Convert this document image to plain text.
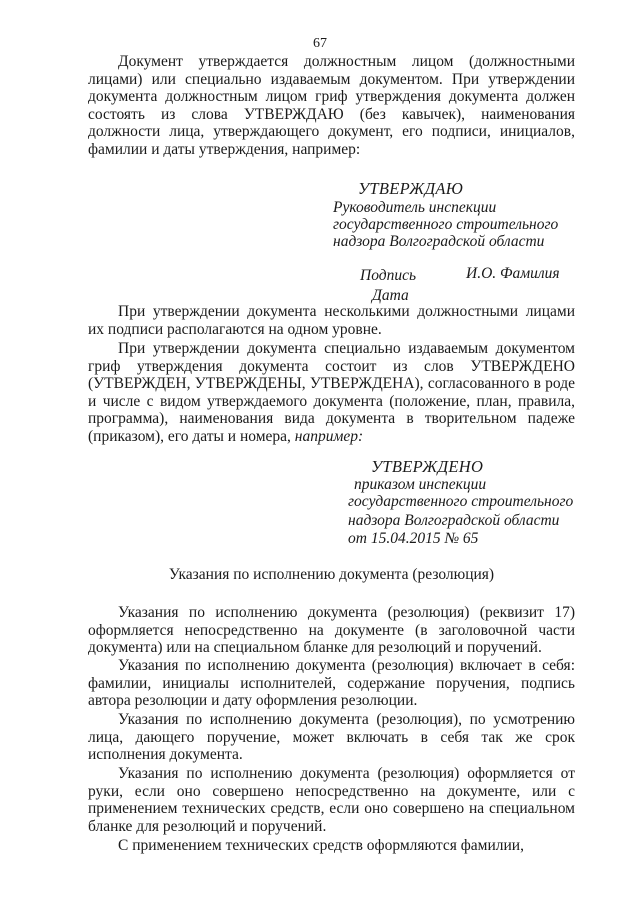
67
Документ утверждается должностным лицом (должностными лицами) или специально издаваемым документом. При утверждении документа должностным лицом гриф утверждения документа должен состоять из слова УТВЕРЖДАЮ (без кавычек), наименования должности лица, утверждающего документ, его подписи, инициалов, фамилии и даты утверждения, например:
УТВЕРЖДАЮ
Руководитель инспекции
государственного строительного
надзора Волгоградской области
Подпись	И.О. Фамилия
Дата
При утверждении документа несколькими должностными лицами их подписи располагаются на одном уровне.
При утверждении документа специально издаваемым документом гриф утверждения документа состоит из слов УТВЕРЖДЕНО (УТВЕРЖДЕН, УТВЕРЖДЕНЫ, УТВЕРЖДЕНА), согласованного в роде и числе с видом утверждаемого документа (положение, план, правила, программа), наименования вида документа в творительном падеже (приказом), его даты и номера, например:
УТВЕРЖДЕНО
приказом инспекции
государственного строительного
надзора Волгоградской области
от 15.04.2015 № 65
Указания по исполнению документа (резолюция)
Указания по исполнению документа (резолюция) (реквизит 17) оформляется непосредственно на документе (в заголовочной части документа) или на специальном бланке для резолюций и поручений.
Указания по исполнению документа (резолюция) включает в себя: фамилии, инициалы исполнителей, содержание поручения, подпись автора резолюции и дату оформления резолюции.
Указания по исполнению документа (резолюция), по усмотрению лица, дающего поручение, может включать в себя так же срок исполнения документа.
Указания по исполнению документа (резолюция) оформляется от руки, если оно совершено непосредственно на документе, или с применением технических средств, если оно совершено на специальном бланке для резолюций и поручений.
С применением технических средств оформляются фамилии,
